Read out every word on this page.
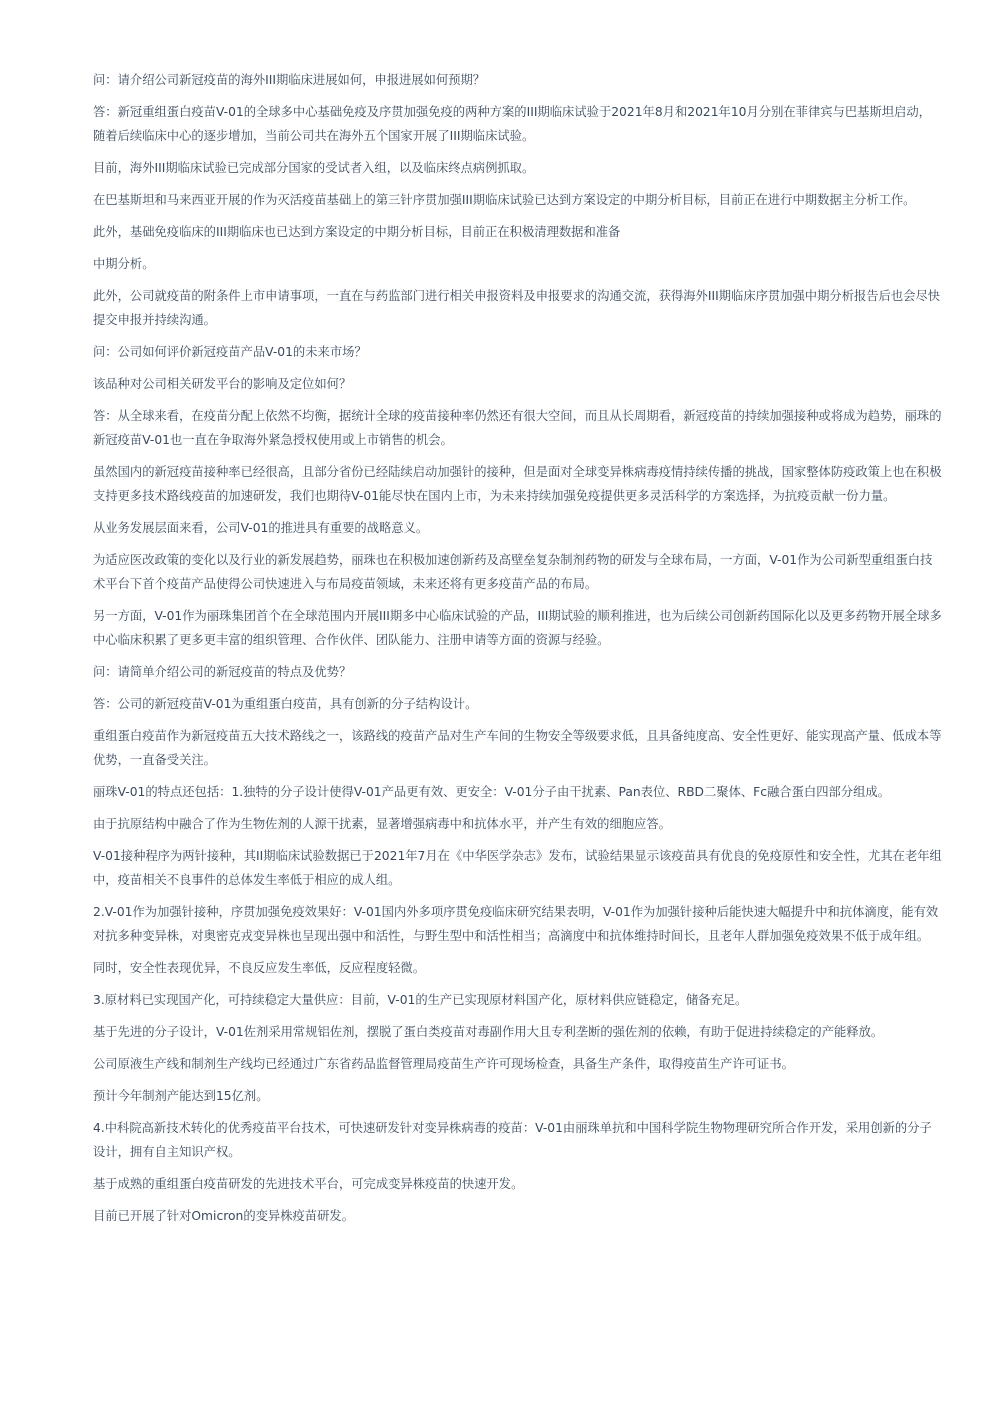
问：请介绍公司新冠疫苗的海外III期临床进展如何，申报进展如何预期？

答：新冠重组蛋白疫苗V-01的全球多中心基础免疫及序贯加强免疫的两种方案的III期临床试验于2021年8月和2021年10月分别在菲律宾与巴基斯坦启动，随着后续临床中心的逐步增加，当前公司共在海外五个国家开展了III期临床试验。

目前，海外III期临床试验已完成部分国家的受试者入组，以及临床终点病例抓取。

在巴基斯坦和马来西亚开展的作为灭活疫苗基础上的第三针序贯加强III期临床试验已达到方案设定的中期分析目标，目前正在进行中期数据主分析工作。

此外，基础免疫临床的III期临床也已达到方案设定的中期分析目标，目前正在积极清理数据和准备

中期分析。

此外，公司就疫苗的附条件上市申请事项，一直在与药监部门进行相关申报资料及申报要求的沟通交流，获得海外III期临床序贯加强中期分析报告后也会尽快提交申报并持续沟通。

问：公司如何评价新冠疫苗产品V-01的未来市场？

该品种对公司相关研发平台的影响及定位如何？

答：从全球来看，在疫苗分配上依然不均衡，据统计全球的疫苗接种率仍然还有很大空间，而且从长周期看，新冠疫苗的持续加强接种或将成为趋势，丽珠的新冠疫苗V-01也一直在争取海外紧急授权使用或上市销售的机会。

虽然国内的新冠疫苗接种率已经很高，且部分省份已经陆续启动加强针的接种，但是面对全球变异株病毒疫情持续传播的挑战，国家整体防疫政策上也在积极支持更多技术路线疫苗的加速研发，我们也期待V-01能尽快在国内上市，为未来持续加强免疫提供更多灵活科学的方案选择，为抗疫贡献一份力量。

从业务发展层面来看，公司V-01的推进具有重要的战略意义。

为适应医改政策的变化以及行业的新发展趋势，丽珠也在积极加速创新药及高壁垒复杂制剂药物的研发与全球布局，一方面，V-01作为公司新型重组蛋白技术平台下首个疫苗产品使得公司快速进入与布局疫苗领域，未来还将有更多疫苗产品的布局。

另一方面，V-01作为丽珠集团首个在全球范围内开展III期多中心临床试验的产品，III期试验的顺利推进，也为后续公司创新药国际化以及更多药物开展全球多中心临床积累了更多更丰富的组织管理、合作伙伴、团队能力、注册申请等方面的资源与经验。

问：请简单介绍公司的新冠疫苗的特点及优势？

答：公司的新冠疫苗V-01为重组蛋白疫苗，具有创新的分子结构设计。

重组蛋白疫苗作为新冠疫苗五大技术路线之一，该路线的疫苗产品对生产车间的生物安全等级要求低，且具备纯度高、安全性更好、能实现高产量、低成本等优势，一直备受关注。

丽珠V-01的特点还包括：1.独特的分子设计使得V-01产品更有效、更安全：V-01分子由干扰素、Pan表位、RBD二聚体、Fc融合蛋白四部分组成。

由于抗原结构中融合了作为生物佐剂的人源干扰素，显著增强病毒中和抗体水平，并产生有效的细胞应答。

V-01接种程序为两针接种，其II期临床试验数据已于2021年7月在《中华医学杂志》发布，试验结果显示该疫苗具有优良的免疫原性和安全性，尤其在老年组中，疫苗相关不良事件的总体发生率低于相应的成人组。

2.V-01作为加强针接种，序贯加强免疫效果好：V-01国内外多项序贯免疫临床研究结果表明，V-01作为加强针接种后能快速大幅提升中和抗体滴度，能有效对抗多种变异株，对奥密克戎变异株也呈现出强中和活性，与野生型中和活性相当；高滴度中和抗体维持时间长，且老年人群加强免疫效果不低于成年组。

同时，安全性表现优异，不良反应发生率低，反应程度轻微。

3.原材料已实现国产化，可持续稳定大量供应：目前，V-01的生产已实现原材料国产化，原材料供应链稳定，储备充足。

基于先进的分子设计，V-01佐剂采用常规铝佐剂，摆脱了蛋白类疫苗对毒副作用大且专利垄断的强佐剂的依赖，有助于促进持续稳定的产能释放。

公司原液生产线和制剂生产线均已经通过广东省药品监督管理局疫苗生产许可现场检查，具备生产条件，取得疫苗生产许可证书。

预计今年制剂产能达到15亿剂。

4.中科院高新技术转化的优秀疫苗平台技术，可快速研发针对变异株病毒的疫苗：V-01由丽珠单抗和中国科学院生物物理研究所合作开发，采用创新的分子设计，拥有自主知识产权。

基于成熟的重组蛋白疫苗研发的先进技术平台，可完成变异株疫苗的快速开发。

目前已开展了针对Omicron的变异株疫苗研发。
